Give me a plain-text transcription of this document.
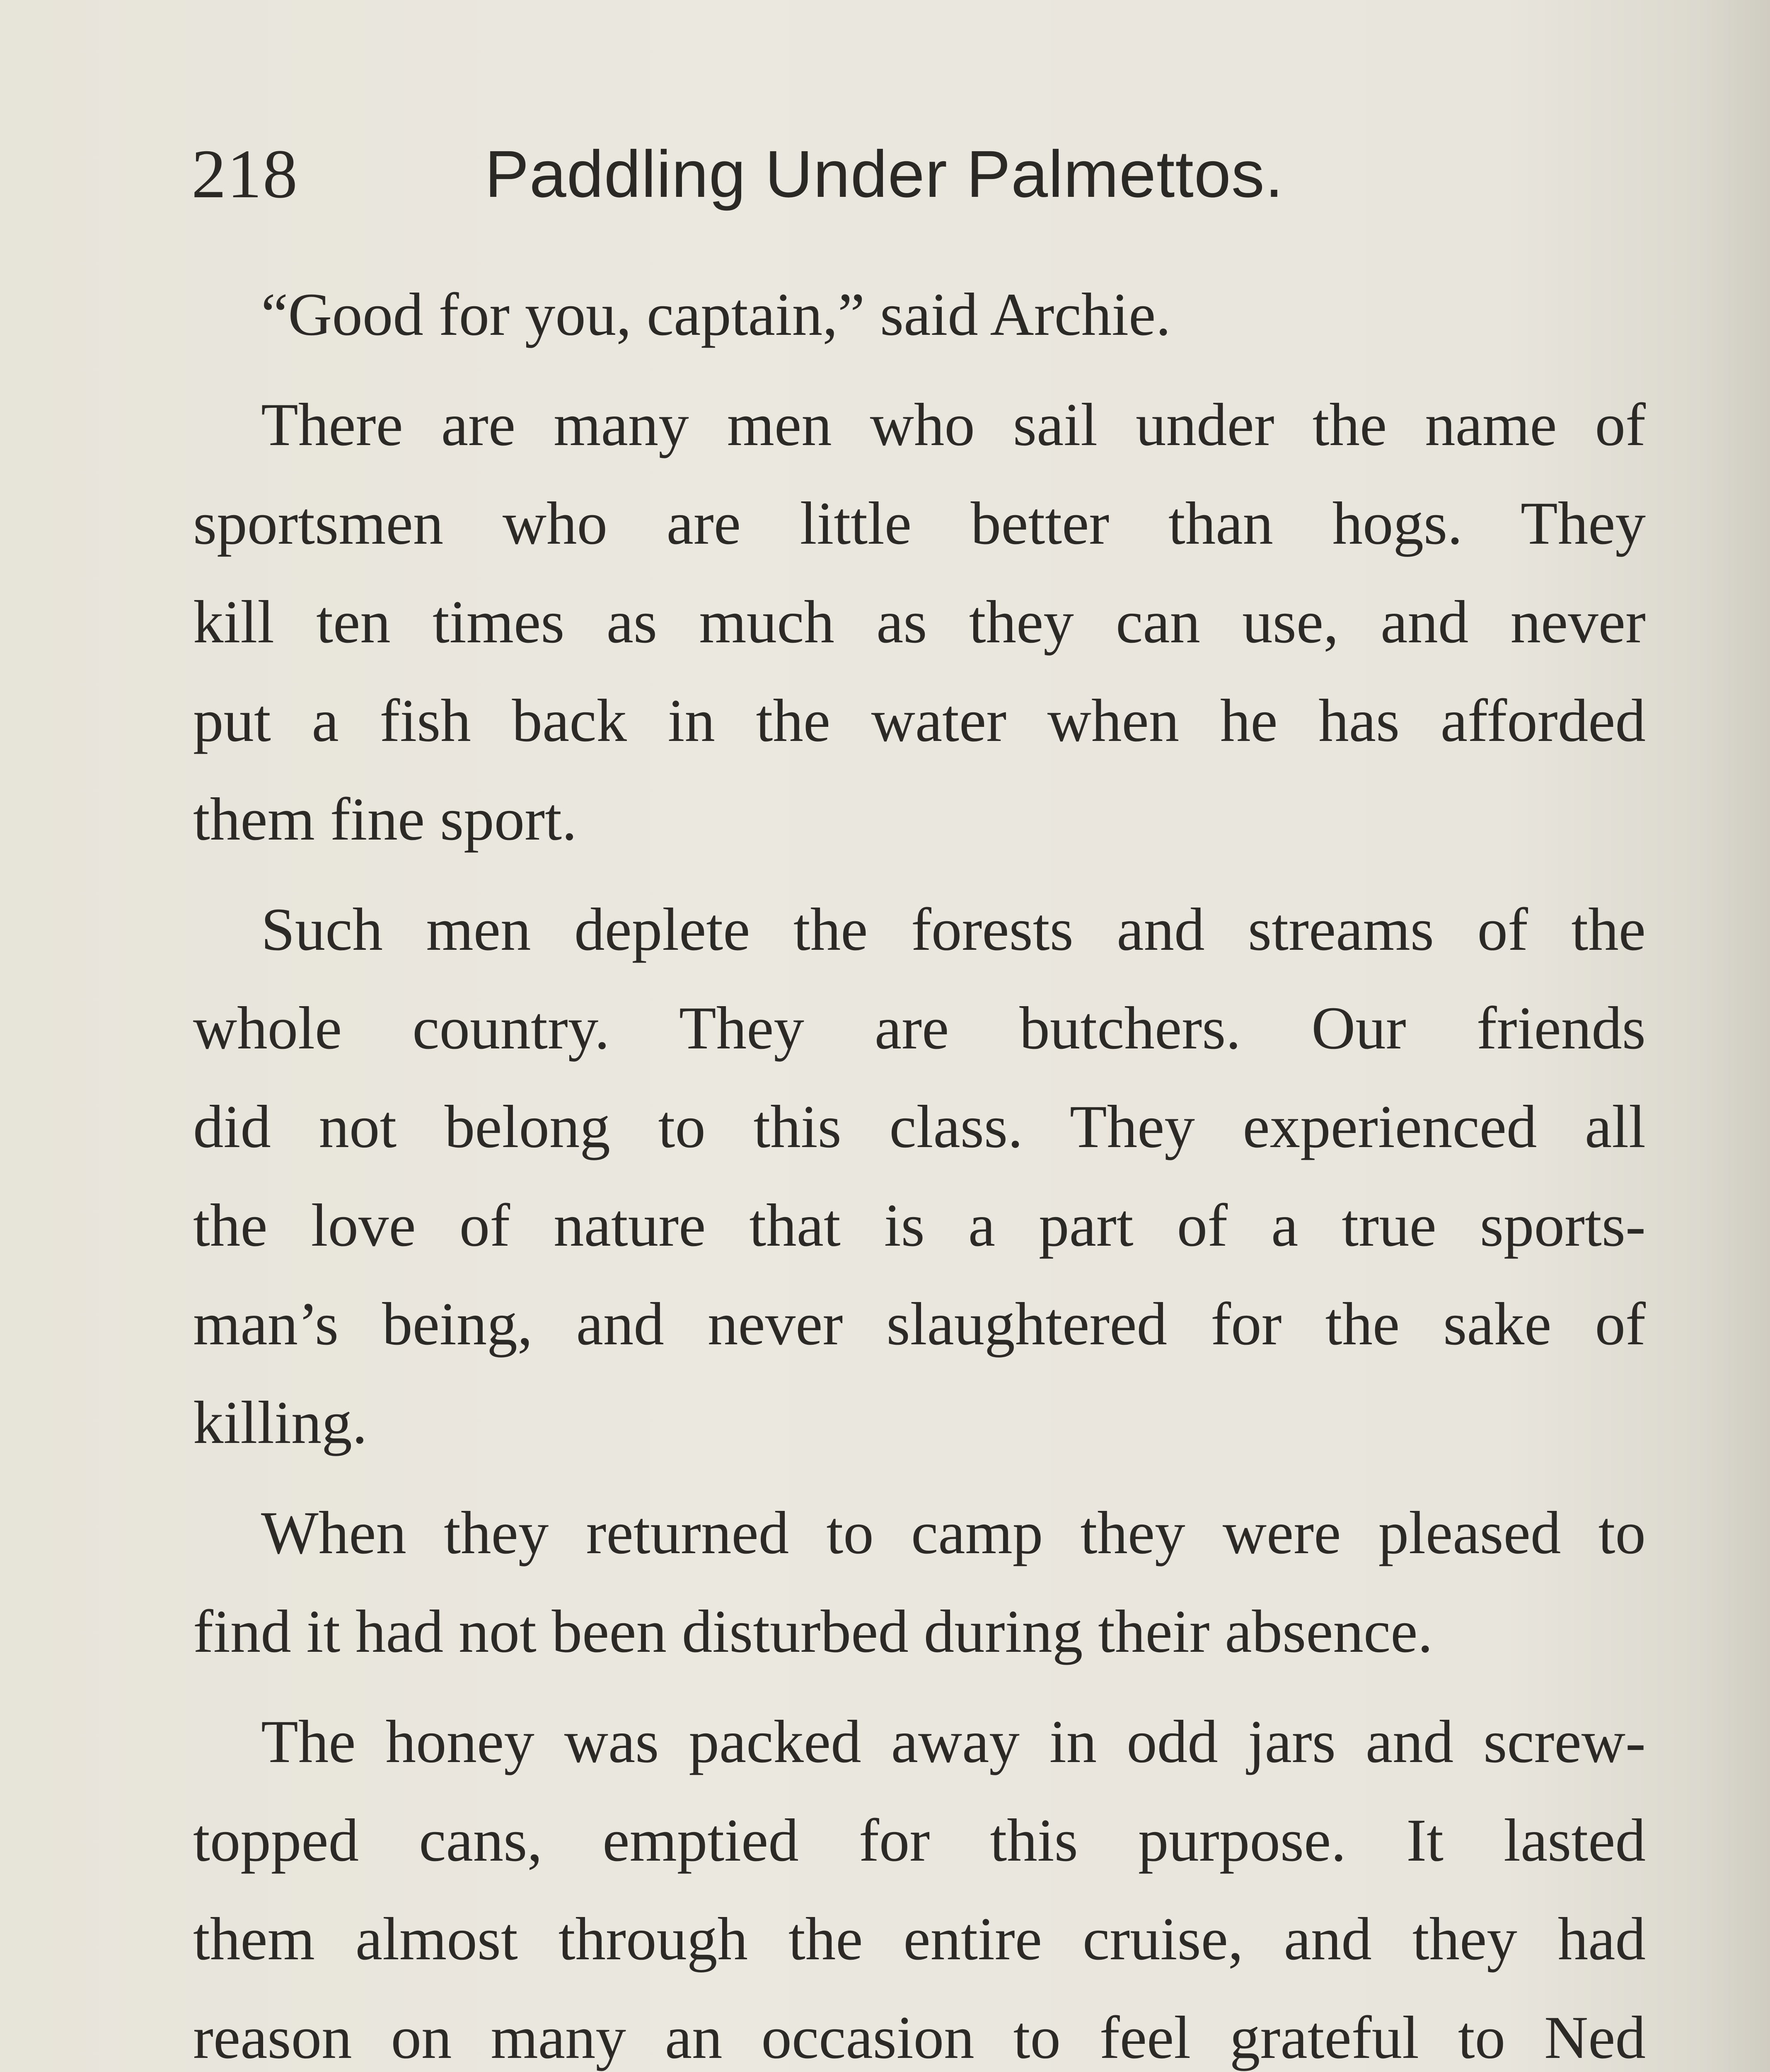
218	Paddling Under Palmettos.
“Good for you, captain,” said Archie.
There are many men who sail under the name of
sportsmen who are little better than hogs. They
kill ten times as much as they can use, and never
put a fish back in the water when he has afforded
them fine sport.
Such men deplete the forests and streams of the
whole country. They are butchers. Our friends
did not belong to this class. They experienced all
the love of nature that is a part of a true sports-
man’s being, and never slaughtered for the sake of
killing.
When they returned to camp they were pleased to
find it had not been disturbed during their absence.
The honey was packed away in odd jars and screw-
topped cans, emptied for this purpose. It lasted
them almost through the entire cruise, and they had
reason on many an occasion to feel grateful to Ned
